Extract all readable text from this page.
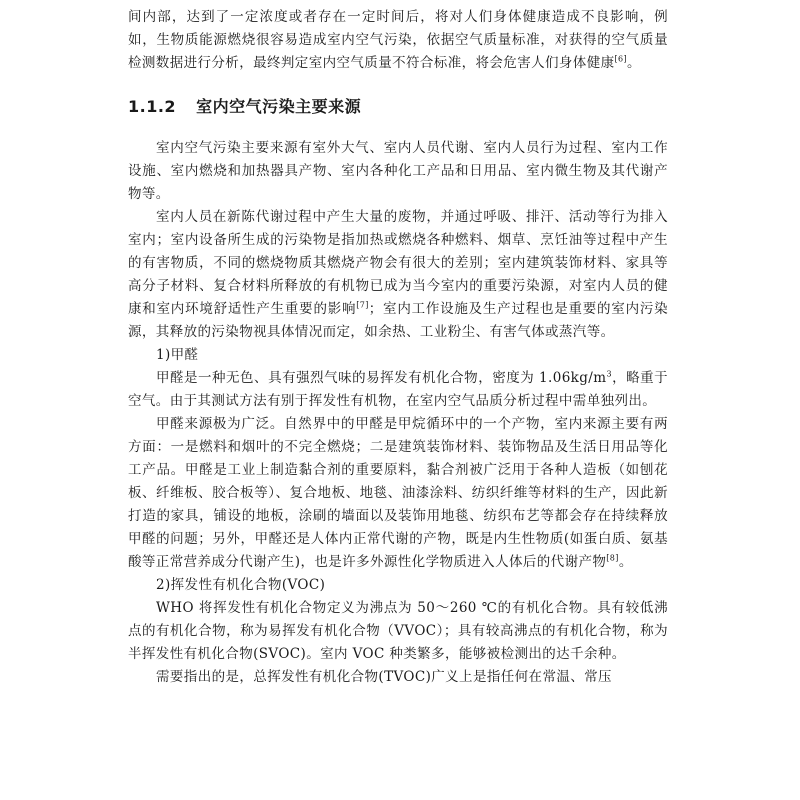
间内部，达到了一定浓度或者存在一定时间后，将对人们身体健康造成不良影响，例如，生物质能源燃烧很容易造成室内空气污染，依据空气质量标准，对获得的空气质量检测数据进行分析，最终判定室内空气质量不符合标准，将会危害人们身体健康[6]。

1.1.2 室内空气污染主要来源

室内空气污染主要来源有室外大气、室内人员代谢、室内人员行为过程、室内工作设施、室内燃烧和加热器具产物、室内各种化工产品和日用品、室内微生物及其代谢产物等。

室内人员在新陈代谢过程中产生大量的废物，并通过呼吸、排汗、活动等行为排入室内；室内设备所生成的污染物是指加热或燃烧各种燃料、烟草、烹饪油等过程中产生的有害物质，不同的燃烧物质其燃烧产物会有很大的差别；室内建筑装饰材料、家具等高分子材料、复合材料所释放的有机物已成为当今室内的重要污染源，对室内人员的健康和室内环境舒适性产生重要的影响[7]；室内工作设施及生产过程也是重要的室内污染源，其释放的污染物视具体情况而定，如余热、工业粉尘、有害气体或蒸汽等。

1)甲醛

甲醛是一种无色、具有强烈气味的易挥发有机化合物，密度为 $1.06kg/m^3$，略重于空气。由于其测试方法有别于挥发性有机物，在室内空气品质分析过程中需单独列出。

甲醛来源极为广泛。自然界中的甲醛是甲烷循环中的一个产物，室内来源主要有两方面：一是燃料和烟叶的不完全燃烧；二是建筑装饰材料、装饰物品及生活日用品等化工产品。甲醛是工业上制造黏合剂的重要原料，黏合剂被广泛用于各种人造板（如刨花板、纤维板、胶合板等）、复合地板、地毯、油漆涂料、纺织纤维等材料的生产，因此新打造的家具，铺设的地板，涂刷的墙面以及装饰用地毯、纺织布艺等都会存在持续释放甲醛的问题；另外，甲醛还是人体内正常代谢的产物，既是内生性物质(如蛋白质、氨基酸等正常营养成分代谢产生)，也是许多外源性化学物质进入人体后的代谢产物[8]。

2)挥发性有机化合物(VOC)

WHO 将挥发性有机化合物定义为沸点为 50～260 ℃的有机化合物。具有较低沸点的有机化合物，称为易挥发有机化合物（VVOC）；具有较高沸点的有机化合物，称为半挥发性有机化合物(SVOC)。室内 VOC 种类繁多，能够被检测出的达千余种。

需要指出的是，总挥发性有机化合物(TVOC)广义上是指任何在常温、常压
